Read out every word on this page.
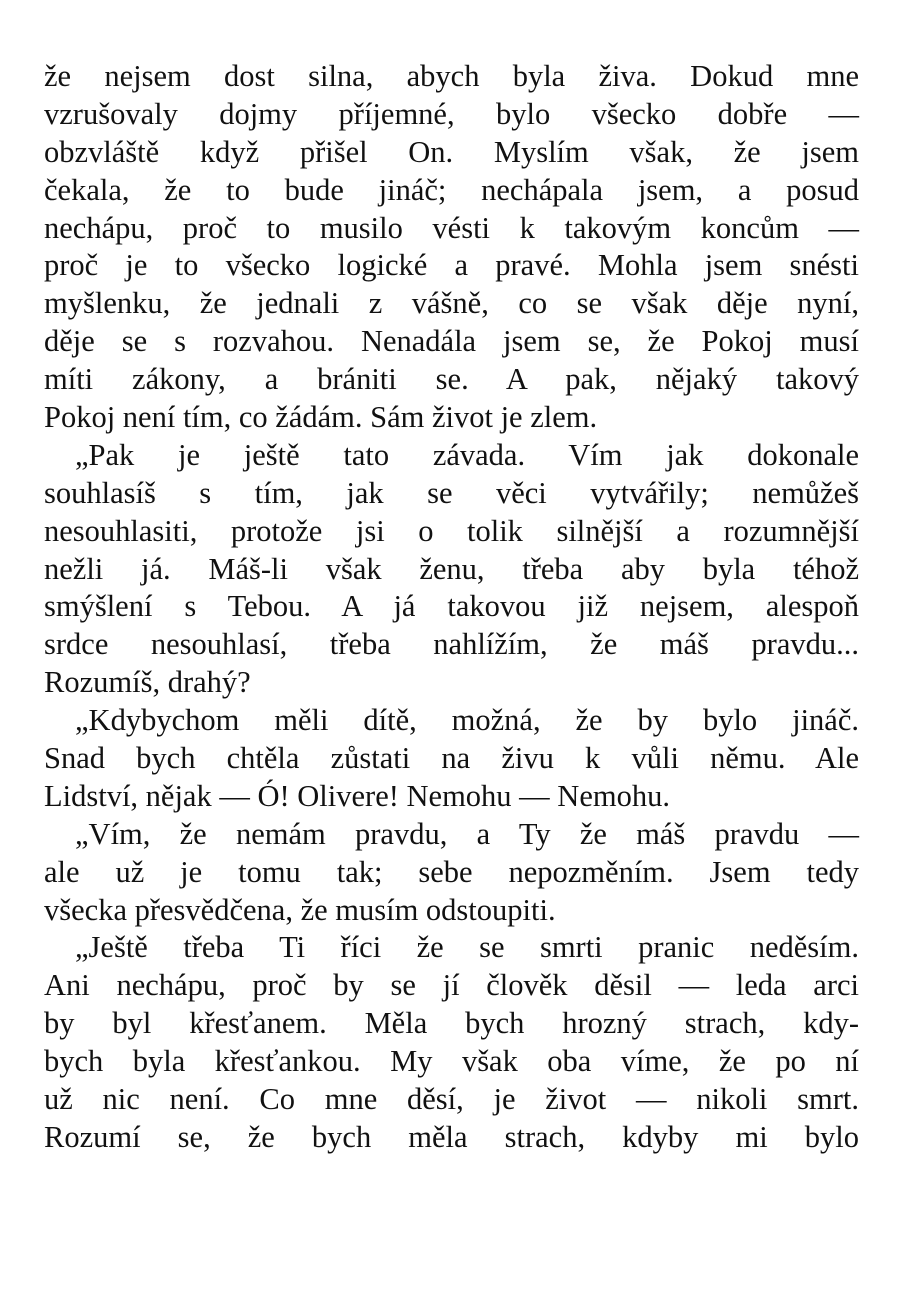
že nejsem dost silna, abych byla živa. Dokud mne
vzrušovaly dojmy příjemné, bylo všecko dobře —
obzvláště když přišel On. Myslím však, že jsem
čekala, že to bude jináč; nechápala jsem, a posud
nechápu, proč to musilo vésti k takovým koncům —
proč je to všecko logické a pravé. Mohla jsem snésti
myšlenku, že jednali z vášně, co se však děje nyní,
děje se s rozvahou. Nenadála jsem se, že Pokoj musí
míti zákony, a brániti se. A pak, nějaký takový
Pokoj není tím, co žádám. Sám život je zlem.
„Pak je ještě tato závada. Vím jak dokonale
souhlasíš s tím, jak se věci vytvářily; nemůžeš
nesouhlasiti, protože jsi o tolik silnější a rozumnější
nežli já. Máš-li však ženu, třeba aby byla téhož
smýšlení s Tebou. A já takovou již nejsem, alespoň
srdce nesouhlasí, třeba nahlížím, že máš pravdu...
Rozumíš, drahý?
„Kdybychom měli dítě, možná, že by bylo jináč.
Snad bych chtěla zůstati na živu k vůli němu. Ale
Lidství, nějak — Ó! Olivere! Nemohu — Nemohu.
„Vím, že nemám pravdu, a Ty že máš pravdu —
ale už je tomu tak; sebe nepozměním. Jsem tedy
všecka přesvědčena, že musím odstoupiti.
„Ještě třeba Ti říci že se smrti pranic neděsím.
Ani nechápu, proč by se jí člověk děsil — leda arci
by byl křesťanem. Měla bych hrozný strach, kdy-
bych byla křesťankou. My však oba víme, že po ní
už nic není. Co mne děsí, je život — nikoli smrt.
Rozumí se, že bych měla strach, kdyby mi bylo
